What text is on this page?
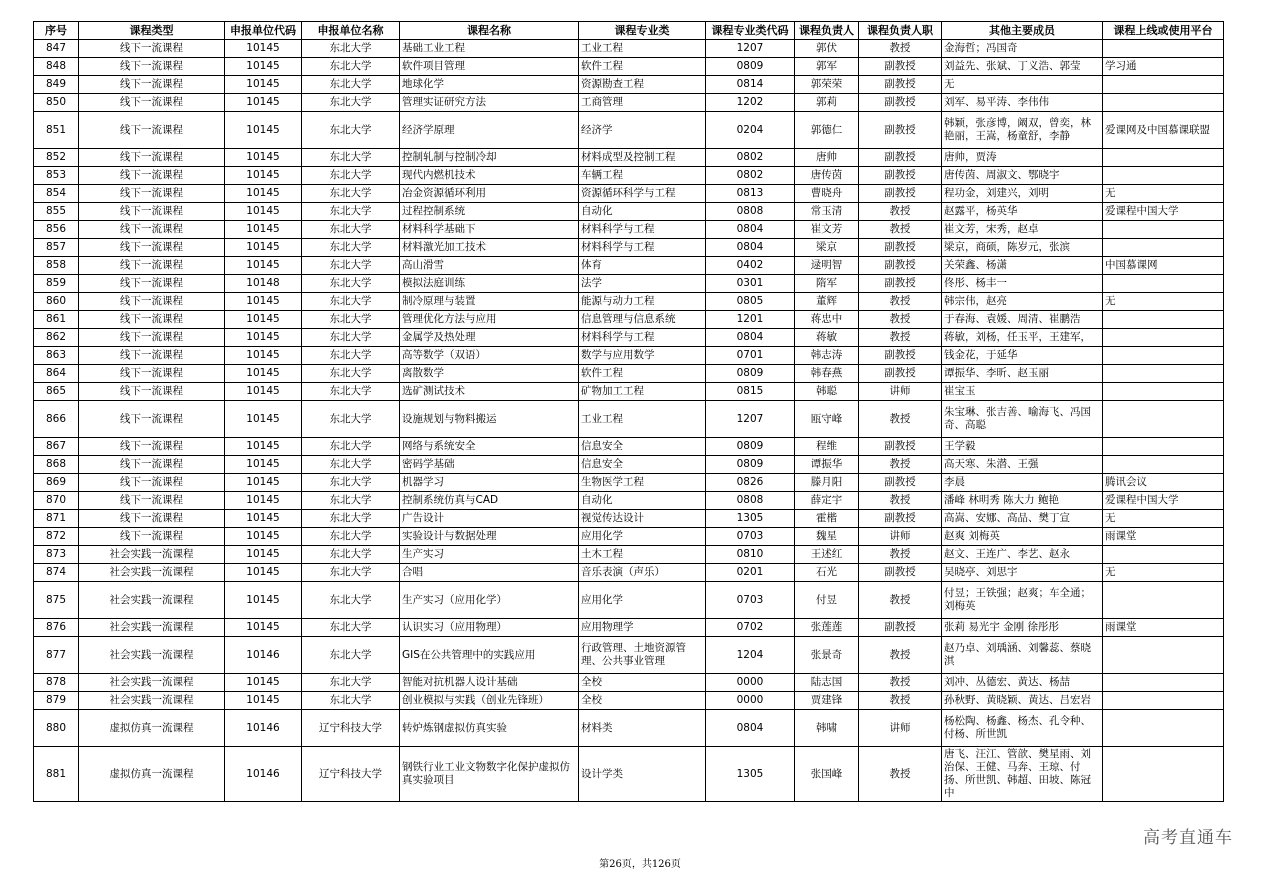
序号	课程类型	申报单位代码	申报单位名称	课程名称	课程专业类	课程专业类代码	课程负责人	课程负责人职	其他主要成员	课程上线或使用平台
847	线下一流课程	10145	东北大学	基础工业工程	工业工程	1207	郭伏	教授	金海哲；冯国奇	
848	线下一流课程	10145	东北大学	软件项目管理	软件工程	0809	郭军	副教授	刘益先、张斌、丁义浩、郭莹	学习通
849	线下一流课程	10145	东北大学	地球化学	资源勘查工程	0814	郭荣荣	副教授	无	
850	线下一流课程	10145	东北大学	管理实证研究方法	工商管理	1202	郭莉	副教授	刘军、易平涛、李伟伟	
851	线下一流课程	10145	东北大学	经济学原理	经济学	0204	郭德仁	副教授	韩颖，张彦博，阚双，曾奕，林艳丽，王嵩，杨童舒，李静	爱课网及中国慕课联盟
852	线下一流课程	10145	东北大学	控制轧制与控制冷却	材料成型及控制工程	0802	唐帅	副教授	唐帅，贾涛	
853	线下一流课程	10145	东北大学	现代内燃机技术	车辆工程	0802	唐传茵	副教授	唐传茵、周淑文、鄂晓宇	
854	线下一流课程	10145	东北大学	冶金资源循环利用	资源循环科学与工程	0813	曹晓舟	副教授	程功金，刘建兴，刘明	无
855	线下一流课程	10145	东北大学	过程控制系统	自动化	0808	常玉清	教授	赵露平，杨英华	爱课程中国大学
856	线下一流课程	10145	东北大学	材料科学基础下	材料科学与工程	0804	崔文芳	教授	崔文芳，宋秀，赵卓	
857	线下一流课程	10145	东北大学	材料激光加工技术	材料科学与工程	0804	梁京	副教授	梁京，商硕，陈岁元，张滨	
858	线下一流课程	10145	东北大学	高山滑雪	体育	0402	逯明智	副教授	关荣鑫、杨潇	中国慕课网
859	线下一流课程	10148	东北大学	模拟法庭训练	法学	0301	隋军	副教授	佟彤、杨丰一	
860	线下一流课程	10145	东北大学	制冷原理与装置	能源与动力工程	0805	董辉	教授	韩宗伟，赵亮	无
861	线下一流课程	10145	东北大学	管理优化方法与应用	信息管理与信息系统	1201	蒋忠中	教授	于春海、袁媛、周清、崔鹏浩	
862	线下一流课程	10145	东北大学	金属学及热处理	材料科学与工程	0804	蒋敏	教授	蒋敏，刘杨，任玉平，王建军，	
863	线下一流课程	10145	东北大学	高等数学（双语）	数学与应用数学	0701	韩志涛	副教授	钱金花，于延华	
864	线下一流课程	10145	东北大学	离散数学	软件工程	0809	韩春燕	副教授	谭振华、李昕、赵玉丽	
865	线下一流课程	10145	东北大学	选矿测试技术	矿物加工工程	0815	韩聪	讲师	崔宝玉	
866	线下一流课程	10145	东北大学	设施规划与物料搬运	工业工程	1207	瓯守峰	教授	朱宝琳、张吉善、喻海飞、冯国奇、高聪	
867	线下一流课程	10145	东北大学	网络与系统安全	信息安全	0809	程维	副教授	王学毅	
868	线下一流课程	10145	东北大学	密码学基础	信息安全	0809	谭振华	教授	高天寒、朱潜、王强	
869	线下一流课程	10145	东北大学	机器学习	生物医学工程	0826	滕月阳	副教授	李晨	腾讯会议
870	线下一流课程	10145	东北大学	控制系统仿真与CAD	自动化	0808	薛定宇	教授	潘峰 林明秀 陈大力 鲍艳	爱课程中国大学
871	线下一流课程	10145	东北大学	广告设计	视觉传达设计	1305	霍楷	副教授	高嵩、安娜、高品、樊丁宣	无
872	线下一流课程	10145	东北大学	实验设计与数据处理	应用化学	0703	魏星	讲师	赵爽 刘梅英	雨课堂
873	社会实践一流课程	10145	东北大学	生产实习	土木工程	0810	王述红	教授	赵文、王连广、李艺、赵永	
874	社会实践一流课程	10145	东北大学	合唱	音乐表演（声乐）	0201	石光	副教授	吴晓亭、刘思宇	无
875	社会实践一流课程	10145	东北大学	生产实习（应用化学）	应用化学	0703	付昱	教授	付昱；王铁强；赵爽；车全通；刘梅英	
876	社会实践一流课程	10145	东北大学	认识实习（应用物理）	应用物理学	0702	张莲莲	副教授	张莉 易光宇 金刚 徐彤彤	雨课堂
877	社会实践一流课程	10146	东北大学	GIS在公共管理中的实践应用	行政管理、土地资源管理、公共事业管理	1204	张景奇	教授	赵乃卓、刘瑀涵、刘馨蕊、蔡晓淇	
878	社会实践一流课程	10145	东北大学	智能对抗机器人设计基础	全校	0000	陆志国	教授	刘冲、丛德宏、黄达、杨喆	
879	社会实践一流课程	10145	东北大学	创业模拟与实践（创业先锋班）	全校	0000	贾建锋	教授	孙秋野、黄晓颖、黄达、吕宏岩	
880	虚拟仿真一流课程	10146	辽宁科技大学	转炉炼钢虚拟仿真实验	材料类	0804	韩啸	讲师	杨松陶、杨鑫、杨杰、孔令种、付杨、所世凯	
881	虚拟仿真一流课程	10146	辽宁科技大学	钢铁行业工业文物数字化保护虚拟仿真实验项目	设计学类	1305	张国峰	教授	唐飞、汪江、管歆、樊星雨、刘治保、王健、马奔、王琼、付扬、所世凯、韩超、田坡、陈冠中	
高考直通车
第26页，共126页
